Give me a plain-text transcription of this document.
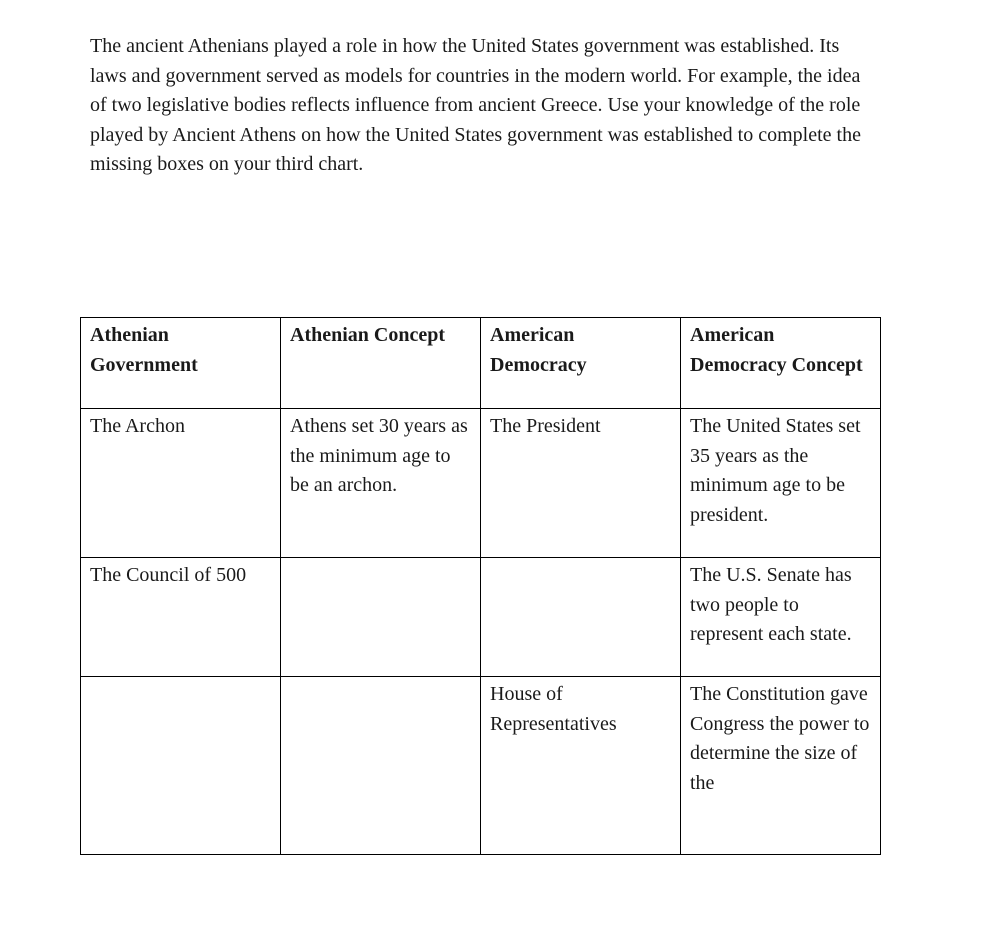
The ancient Athenians played a role in how the United States government was established. Its laws and government served as models for countries in the modern world. For example, the idea of two legislative bodies reflects influence from ancient Greece. Use your knowledge of the role played by Ancient Athens on how the United States government was established to complete the missing boxes on your third chart.

Athenian Government	Athenian Concept	American Democracy	American Democracy Concept
The Archon	Athens set 30 years as the minimum age to be an archon.	The President	The United States set 35 years as the minimum age to be president.
The Council of 500			The U.S. Senate has two people to represent each state.
		House of Representatives	The Constitution gave Congress the power to determine the size of the
